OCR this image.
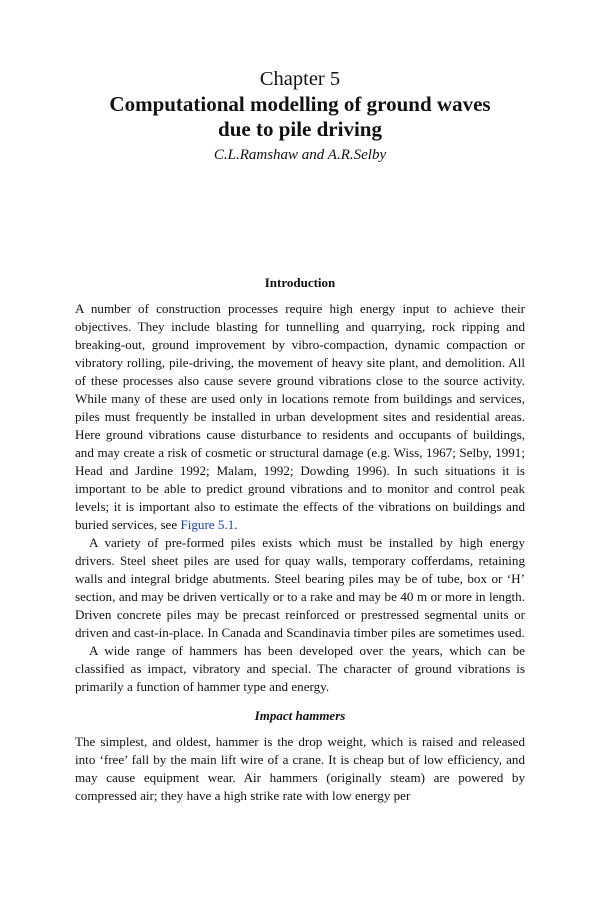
Chapter 5
Computational modelling of ground waves
due to pile driving
C.L.Ramshaw and A.R.Selby
Introduction

A number of construction processes require high energy input to achieve their objectives. They include blasting for tunnelling and quarrying, rock ripping and breaking-out, ground improvement by vibro-compaction, dynamic compaction or vibratory rolling, pile-driving, the movement of heavy site plant, and demolition. All of these processes also cause severe ground vibrations close to the source activity. While many of these are used only in locations remote from buildings and services, piles must frequently be installed in urban development sites and residential areas. Here ground vibrations cause disturbance to residents and occupants of buildings, and may create a risk of cosmetic or structural damage (e.g. Wiss, 1967; Selby, 1991; Head and Jardine 1992; Malam, 1992; Dowding 1996). In such situations it is important to be able to predict ground vibrations and to monitor and control peak levels; it is important also to estimate the effects of the vibrations on buildings and buried services, see Figure 5.1.

A variety of pre-formed piles exists which must be installed by high energy drivers. Steel sheet piles are used for quay walls, temporary cofferdams, retaining walls and integral bridge abutments. Steel bearing piles may be of tube, box or ‘H’ section, and may be driven vertically or to a rake and may be 40 m or more in length. Driven concrete piles may be precast reinforced or prestressed segmental units or driven and cast-in-place. In Canada and Scandinavia timber piles are sometimes used.

A wide range of hammers has been developed over the years, which can be classified as impact, vibratory and special. The character of ground vibrations is primarily a function of hammer type and energy.

Impact hammers

The simplest, and oldest, hammer is the drop weight, which is raised and released into ‘free’ fall by the main lift wire of a crane. It is cheap but of low efficiency, and may cause equipment wear. Air hammers (originally steam) are powered by compressed air; they have a high strike rate with low energy per
